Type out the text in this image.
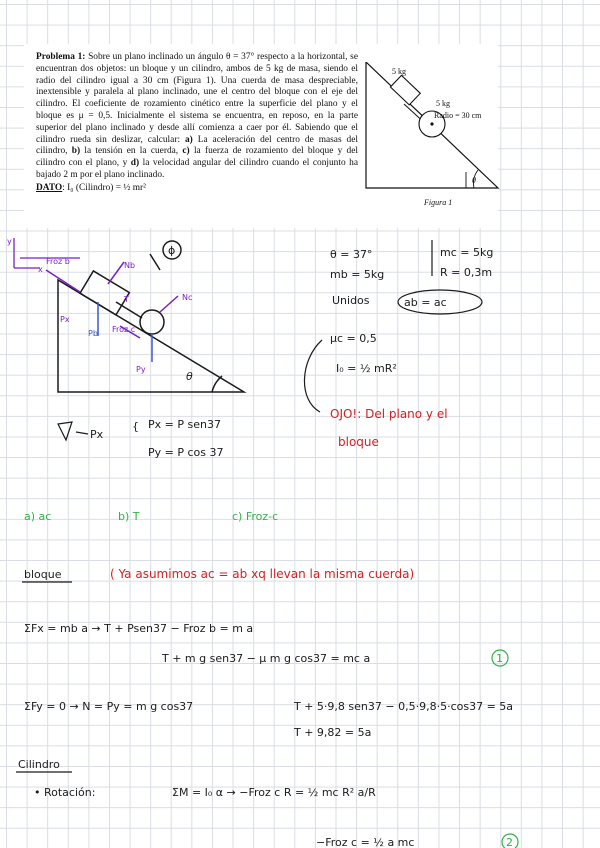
Problema 1: Sobre un plano inclinado un ángulo θ = 37° respecto a la horizontal, se encuentran dos objetos: un bloque y un cilindro, ambos de 5 kg de masa, siendo el radio del cilindro igual a 30 cm (Figura 1). Una cuerda de masa despreciable, inextensible y paralela al plano inclinado, une el centro del bloque con el eje del cilindro. El coeficiente de rozamiento cinético entre la superficie del plano y el bloque es μ = 0,5. Inicialmente el sistema se encuentra, en reposo, en la parte superior del plano inclinado y desde allí comienza a caer por él. Sabiendo que el cilindro rueda sin deslizar, calcular: a) La aceleración del centro de masas del cilindro, b) la tensión en la cuerda, c) la fuerza de rozamiento del bloque y del cilindro con el plano, y d) la velocidad angular del cilindro cuando el conjunto ha bajado 2 m por el plano inclinado.
DATO: I₀ (Cilindro) = ½ mr²
5 kg
5 kg
Radio = 30 cm
θ
Figura 1
y
x
Froz b	Nb
T	Nc
Pb
Px
Py
Froz c
θ
ϕ	θ = 37°
mb = 5kg
mc = 5kg
R = 0,3m
Unidos	ab = ac
μc = 0,5
I₀ = ½ mR²
OJO!: Del plano y el
bloque
Px
{ Px = P sen37
Py = P cos 37
a) ac	b) T	c) Froz-c
bloque	( Ya asumimos ac = ab xq llevan la misma cuerda)
ΣFx = mb a → T + Psen37 − Froz b = m a
T + m g sen37 − μ m g cos37 = mc a	1
ΣFy = 0 → N = Py = m g cos37	T + 5·9,8 sen37 − 0,5·9,8·5·cos37 = 5a
T + 9,82 = 5a
Cilindro
• Rotación:	ΣM = I₀ α → −Froz c R = ½ mc R² a/R
−Froz c = ½ a mc	2
